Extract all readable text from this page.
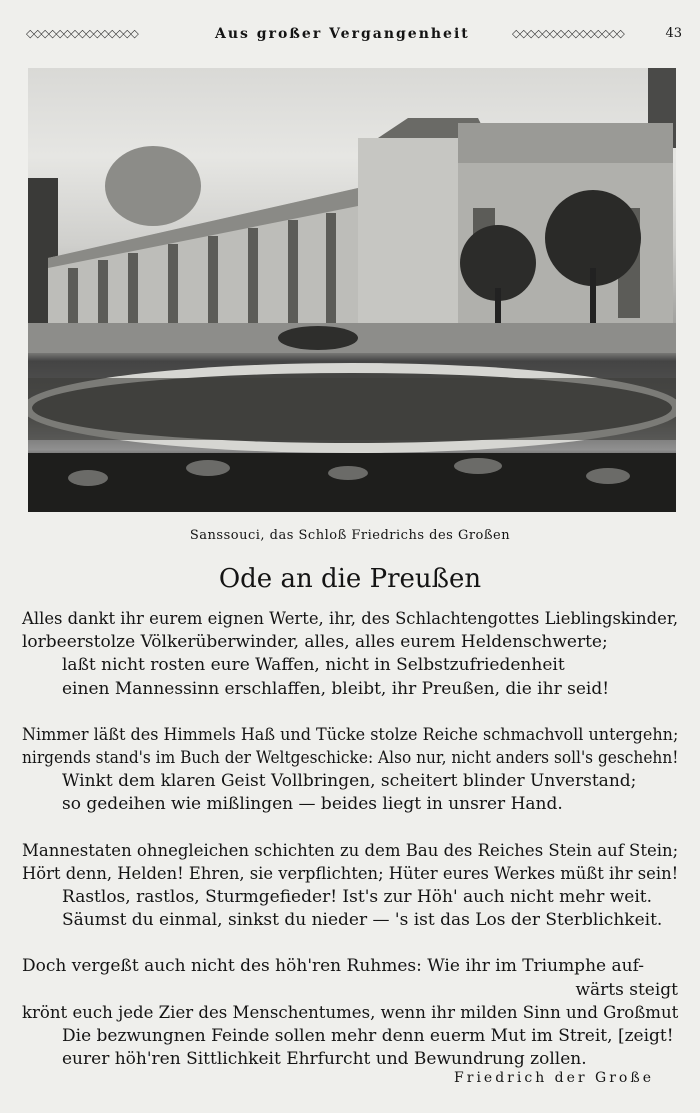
◇◇◇◇◇◇◇◇◇◇◇◇◇◇◇	Aus großer Vergangenheit	◇◇◇◇◇◇◇◇◇◇◇◇◇◇◇	43
Sanssouci, das Schloß Friedrichs des Großen
Ode an die Preußen

Alles dankt ihr eurem eignen Werte, ihr, des Schlachtengottes Lieblingskinder,
lorbeerstolze Völkerüberwinder, alles, alles eurem Heldenschwerte;
laßt nicht rosten eure Waffen, nicht in Selbstzufriedenheit
einen Mannessinn erschlaffen, bleibt, ihr Preußen, die ihr seid!

Nimmer läßt des Himmels Haß und Tücke stolze Reiche schmachvoll untergehn;
nirgends stand's im Buch der Weltgeschicke: Also nur, nicht anders soll's geschehn!
Winkt dem klaren Geist Vollbringen, scheitert blinder Unverstand;
so gedeihen wie mißlingen — beides liegt in unsrer Hand.

Mannestaten ohnegleichen schichten zu dem Bau des Reiches Stein auf Stein;
Hört denn, Helden! Ehren, sie verpflichten; Hüter eures Werkes müßt ihr sein!
Rastlos, rastlos, Sturmgefieder! Ist's zur Höh' auch nicht mehr weit.
Säumst du einmal, sinkst du nieder — 's ist das Los der Sterblichkeit.

Doch vergeßt auch nicht des höh'ren Ruhmes: Wie ihr im Triumphe auf-
wärts steigt
krönt euch jede Zier des Menschentumes, wenn ihr milden Sinn und Großmut
Die bezwungnen Feinde sollen mehr denn euerm Mut im Streit, [zeigt!
eurer höh'ren Sittlichkeit Ehrfurcht und Bewundrung zollen.

Friedrich der Große
